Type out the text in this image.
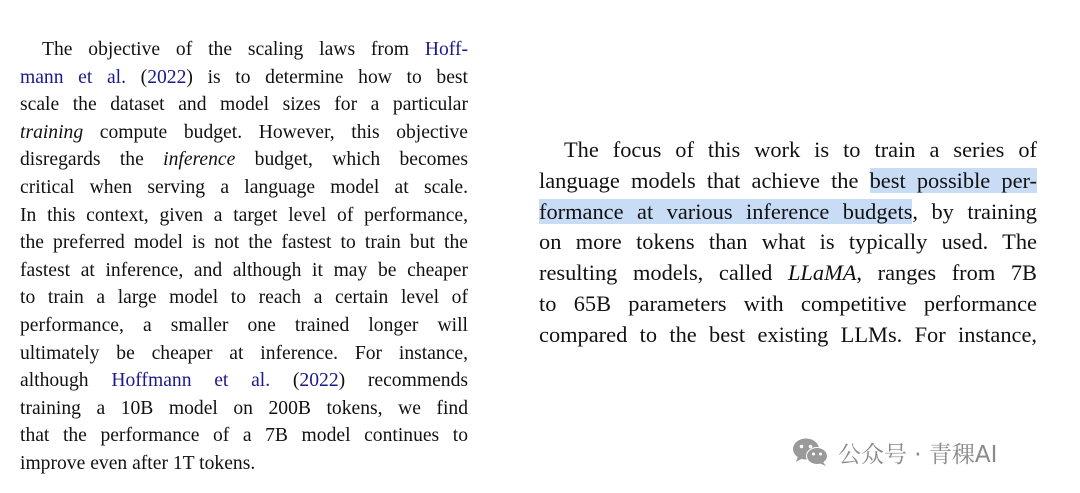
The objective of the scaling laws from Hoff-
mann et al. (2022) is to determine how to best
scale the dataset and model sizes for a particular
training compute budget. However, this objective
disregards the inference budget, which becomes
critical when serving a language model at scale.
In this context, given a target level of performance,
the preferred model is not the fastest to train but the
fastest at inference, and although it may be cheaper
to train a large model to reach a certain level of
performance, a smaller one trained longer will
ultimately be cheaper at inference. For instance,
although Hoffmann et al. (2022) recommends
training a 10B model on 200B tokens, we find
that the performance of a 7B model continues to
improve even after 1T tokens.
The focus of this work is to train a series of
language models that achieve the best possible per-
formance at various inference budgets, by training
on more tokens than what is typically used. The
resulting models, called LLaMA, ranges from 7B
to 65B parameters with competitive performance
compared to the best existing LLMs. For instance,
公众号 · 青稞AI
